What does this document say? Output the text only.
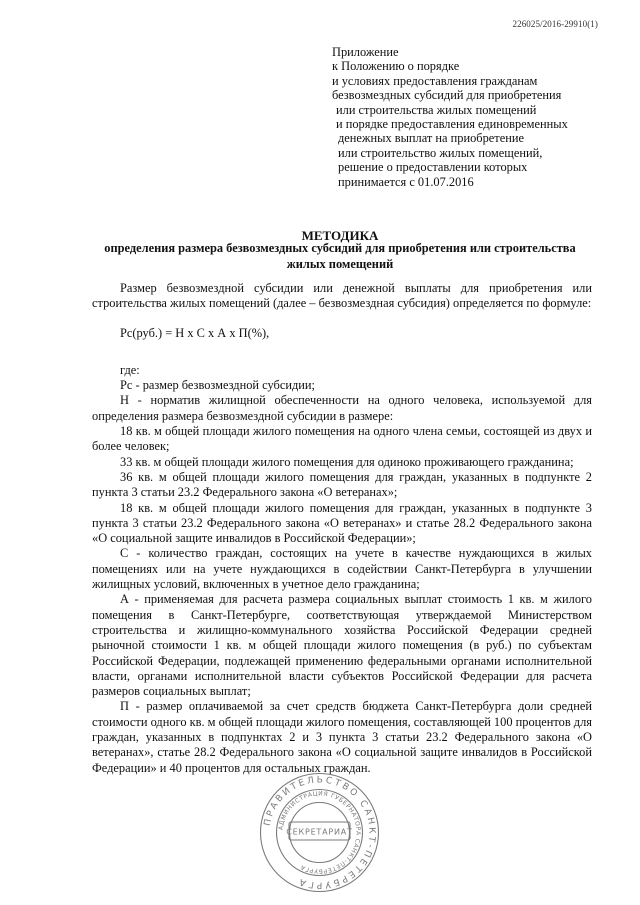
226025/2016-29910(1)
Приложение
к Положению о порядке
и условиях предоставления гражданам
безвозмездных субсидий для приобретения
или строительства жилых помещений
и порядке предоставления единовременных
денежных выплат на приобретение
или строительство жилых помещений,
решение о предоставлении которых
принимается с 01.07.2016
МЕТОДИКА
определения размера безвозмездных субсидий для приобретения или строительства жилых помещений

Размер безвозмездной субсидии или денежной выплаты для приобретения или строительства жилых помещений (далее – безвозмездная субсидия) определяется по формуле:

Рс(руб.) = Н х С х А х П(%),

где:

Рс - размер безвозмездной субсидии;

Н - норматив жилищной обеспеченности на одного человека, используемой для определения размера безвозмездной субсидии в размере:

18 кв. м общей площади жилого помещения на одного члена семьи, состоящей из двух и более человек;

33 кв. м общей площади жилого помещения для одиноко проживающего гражданина;

36 кв. м общей площади жилого помещения для граждан, указанных в подпункте 2 пункта 3 статьи 23.2 Федерального закона «О ветеранах»;

18 кв. м общей площади жилого помещения для граждан, указанных в подпункте 3 пункта 3 статьи 23.2 Федерального закона «О ветеранах» и статье 28.2 Федерального закона «О социальной защите инвалидов в Российской Федерации»;

С - количество граждан, состоящих на учете в качестве нуждающихся в жилых помещениях или на учете нуждающихся в содействии Санкт-Петербурга в улучшении жилищных условий, включенных в учетное дело гражданина;

А - применяемая для расчета размера социальных выплат стоимость 1 кв. м жилого помещения в Санкт-Петербурге, соответствующая утверждаемой Министерством строительства и жилищно-коммунального хозяйства Российской Федерации средней рыночной стоимости 1 кв. м общей площади жилого помещения (в руб.) по субъектам Российской Федерации, подлежащей применению федеральными органами исполнительной власти, органами исполнительной власти субъектов Российской Федерации для расчета размеров социальных выплат;

П - размер оплачиваемой за счет средств бюджета Санкт-Петербурга доли средней стоимости одного кв. м общей площади жилого помещения, составляющей 100 процентов для граждан, указанных в подпунктах 2 и 3 пункта 3 статьи 23.2 Федерального закона «О ветеранах», статье 28.2 Федерального закона «О социальной защите инвалидов в Российской Федерации» и 40 процентов для остальных граждан.

ПРАВИТЕЛЬСТВО САНКТ-ПЕТЕРБУРГА
АДМИНИСТРАЦИЯ ГУБЕРНАТОРА САНКТ-ПЕТЕРБУРГА
СЕКРЕТАРИАТ
